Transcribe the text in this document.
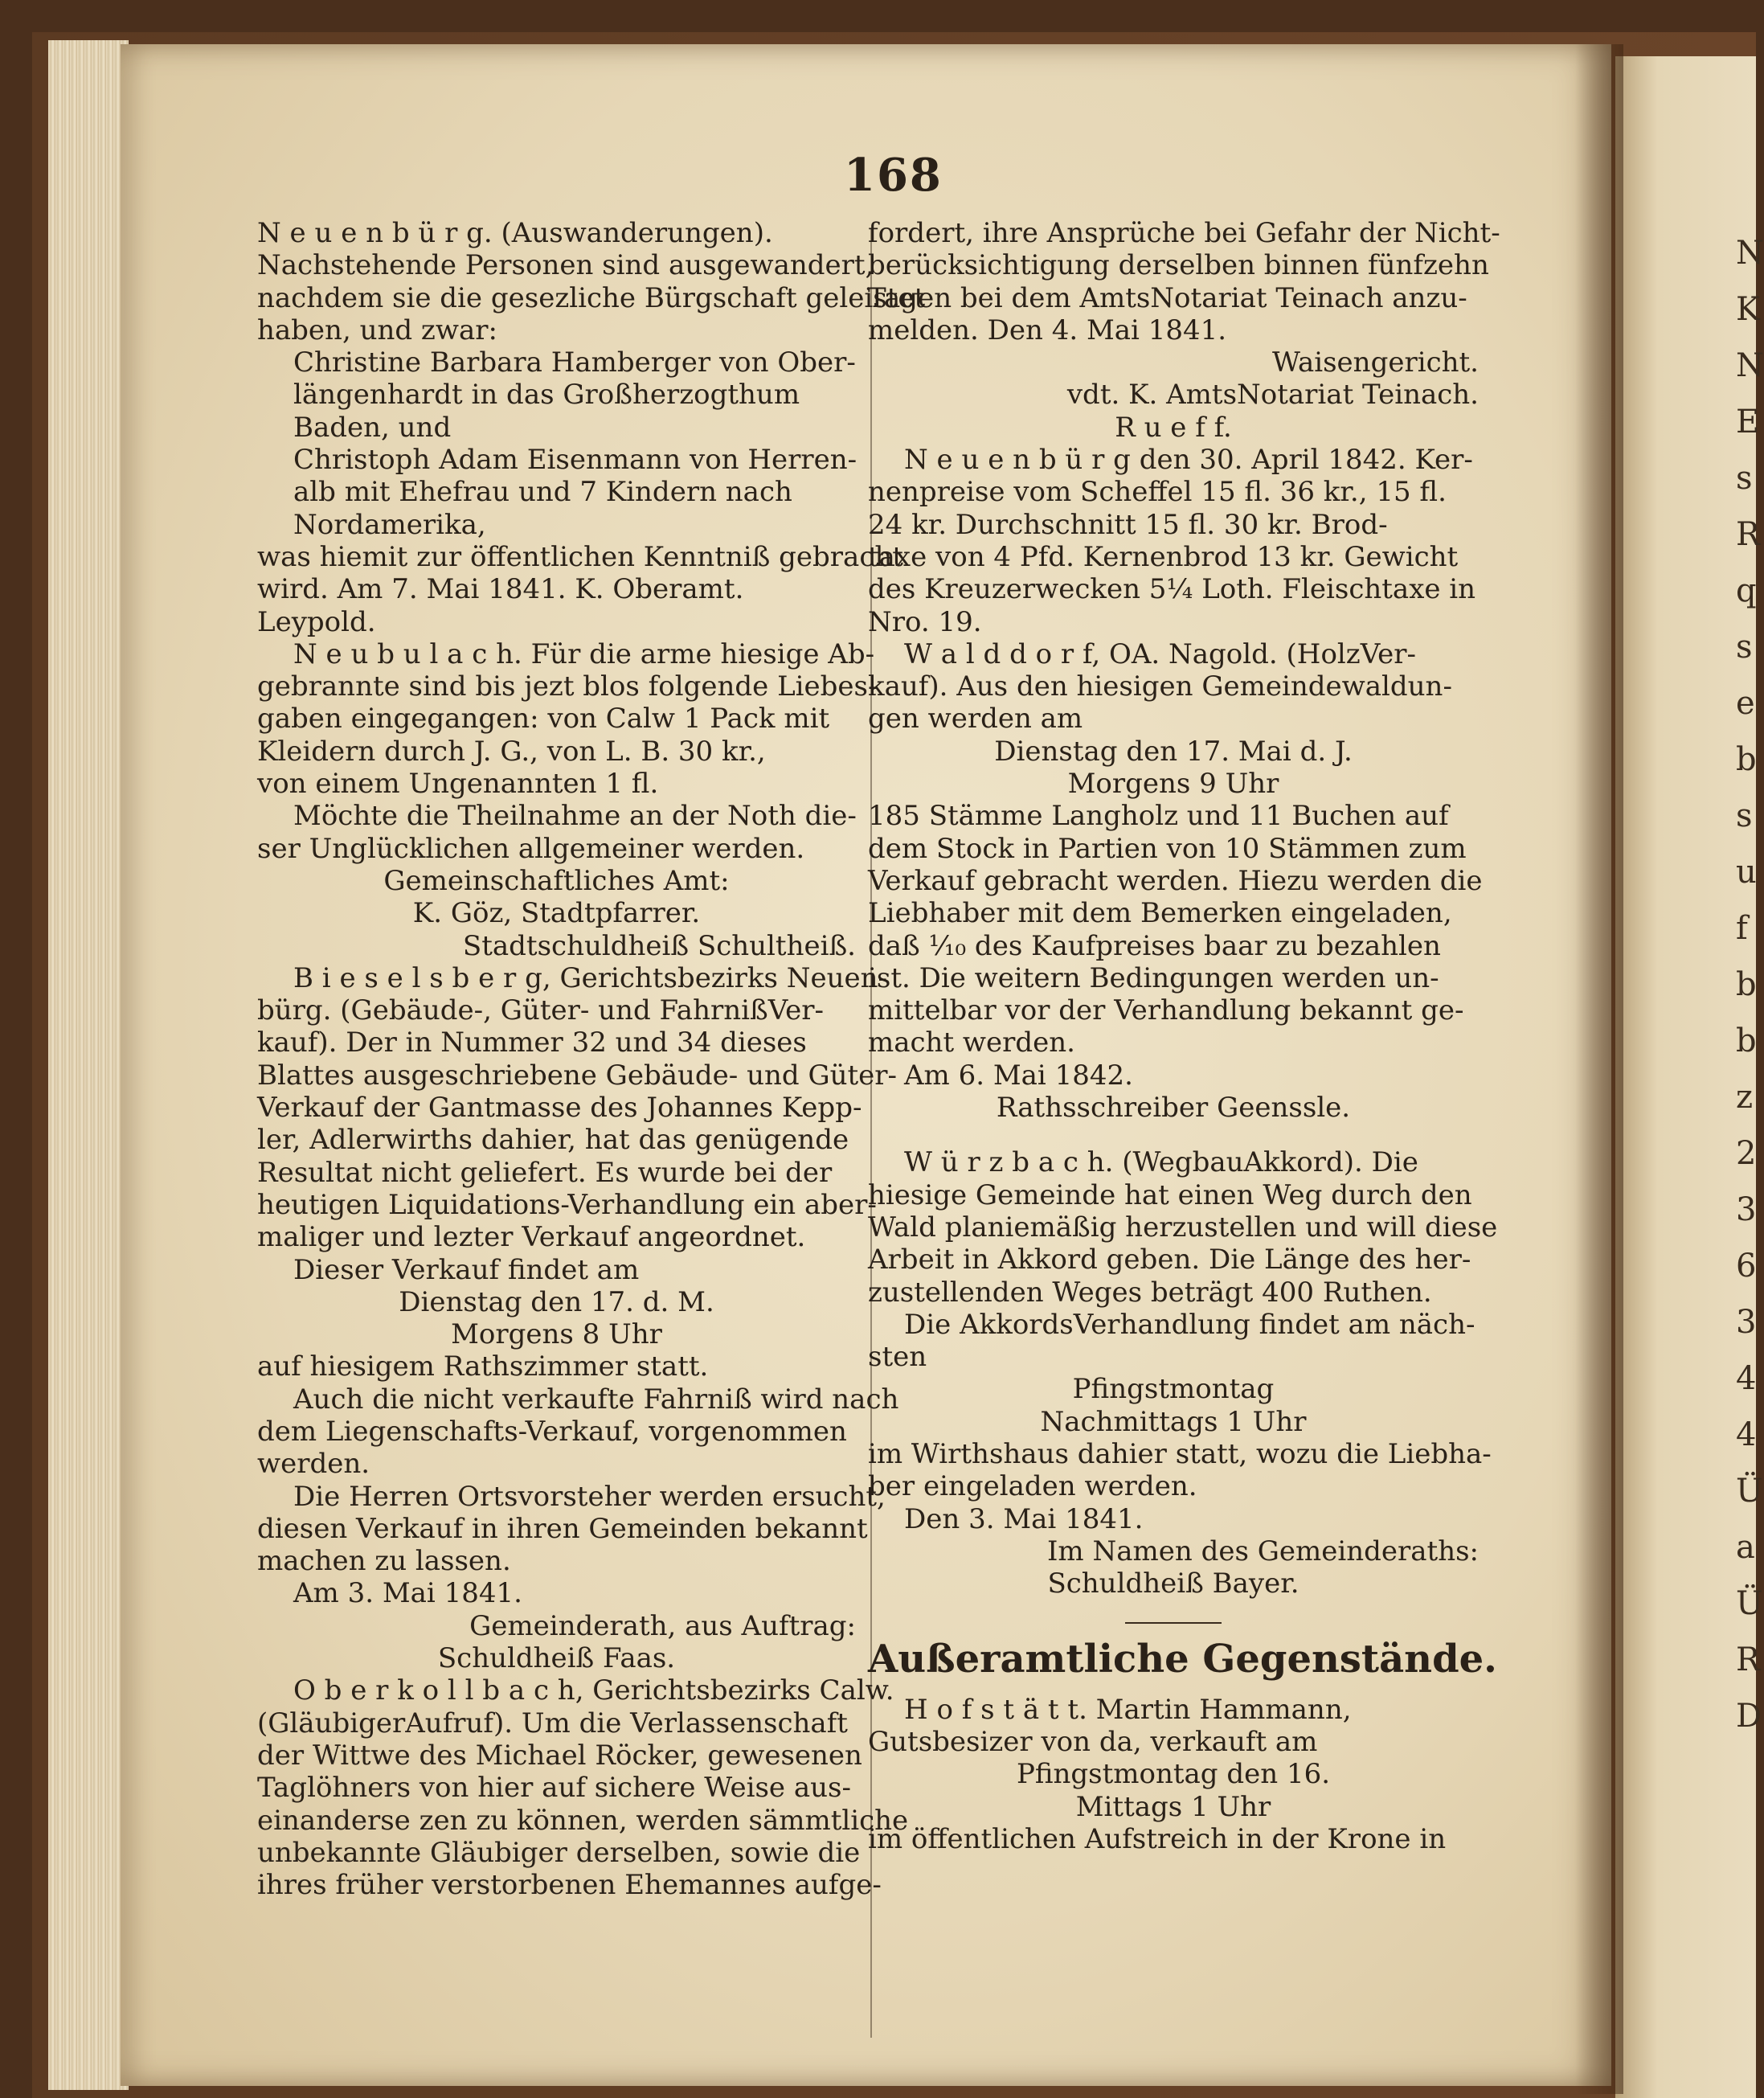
N
K
N
E
s
R
q
s
e
b
s
u
f
b
b
z
2
3
6
3
4
4
Ü
a
Ü
R
D
168
N e u e n b ü r g. (Auswanderungen).
Nachstehende Personen sind ausgewandert,
nachdem sie die gesezliche Bürgschaft geleistet
haben, und zwar:
Christine Barbara Hamberger von Ober-
längenhardt in das Großherzogthum
Baden, und
Christoph Adam Eisenmann von Herren-
alb mit Ehefrau und 7 Kindern nach
Nordamerika,
was hiemit zur öffentlichen Kenntniß gebracht
wird. Am 7. Mai 1841. K. Oberamt.
Leypold.
N e u b u l a c h. Für die arme hiesige Ab-
gebrannte sind bis jezt blos folgende Liebes-
gaben eingegangen: von Calw 1 Pack mit
Kleidern durch J. G., von L. B. 30 kr.,
von einem Ungenannten 1 fl.
Möchte die Theilnahme an der Noth die-
ser Unglücklichen allgemeiner werden.
Gemeinschaftliches Amt:
K. Göz, Stadtpfarrer.
Stadtschuldheiß Schultheiß.
B i e s e l s b e r g, Gerichtsbezirks Neuen-
bürg. (Gebäude-, Güter- und FahrnißVer-
kauf). Der in Nummer 32 und 34 dieses
Blattes ausgeschriebene Gebäude- und Güter-
Verkauf der Gantmasse des Johannes Kepp-
ler, Adlerwirths dahier, hat das genügende
Resultat nicht geliefert. Es wurde bei der
heutigen Liquidations-Verhandlung ein aber-
maliger und lezter Verkauf angeordnet.
Dieser Verkauf findet am
Dienstag den 17. d. M.
Morgens 8 Uhr
auf hiesigem Rathszimmer statt.
Auch die nicht verkaufte Fahrniß wird nach
dem Liegenschafts-Verkauf, vorgenommen
werden.
Die Herren Ortsvorsteher werden ersucht,
diesen Verkauf in ihren Gemeinden bekannt
machen zu lassen.
Am 3. Mai 1841.
Gemeinderath, aus Auftrag:
Schuldheiß Faas.
O b e r k o l l b a c h, Gerichtsbezirks Calw.
(GläubigerAufruf). Um die Verlassenschaft
der Wittwe des Michael Röcker, gewesenen
Taglöhners von hier auf sichere Weise aus-
einanderse zen zu können, werden sämmtliche
unbekannte Gläubiger derselben, sowie die
ihres früher verstorbenen Ehemannes aufge-
fordert, ihre Ansprüche bei Gefahr der Nicht-
berücksichtigung derselben binnen fünfzehn
Tagen bei dem AmtsNotariat Teinach anzu-
melden. Den 4. Mai 1841.
Waisengericht.
vdt. K. AmtsNotariat Teinach.
R u e f f.
N e u e n b ü r g den 30. April 1842. Ker-
nenpreise vom Scheffel 15 fl. 36 kr., 15 fl.
24 kr. Durchschnitt 15 fl. 30 kr. Brod-
taxe von 4 Pfd. Kernenbrod 13 kr. Gewicht
des Kreuzerwecken 5¼ Loth. Fleischtaxe in
Nro. 19.
W a l d d o r f, OA. Nagold. (HolzVer-
kauf). Aus den hiesigen Gemeindewaldun-
gen werden am
Dienstag den 17. Mai d. J.
Morgens 9 Uhr
185 Stämme Langholz und 11 Buchen auf
dem Stock in Partien von 10 Stämmen zum
Verkauf gebracht werden. Hiezu werden die
Liebhaber mit dem Bemerken eingeladen,
daß ¹⁄₁₀ des Kaufpreises baar zu bezahlen
ist. Die weitern Bedingungen werden un-
mittelbar vor der Verhandlung bekannt ge-
macht werden.
Am 6. Mai 1842.
Rathsschreiber Geenssle.
W ü r z b a c h. (WegbauAkkord). Die
hiesige Gemeinde hat einen Weg durch den
Wald planiemäßig herzustellen und will diese
Arbeit in Akkord geben. Die Länge des her-
zustellenden Weges beträgt 400 Ruthen.
Die AkkordsVerhandlung findet am näch-
sten
Pfingstmontag
Nachmittags 1 Uhr
im Wirthshaus dahier statt, wozu die Liebha-
ber eingeladen werden.
Den 3. Mai 1841.
Im Namen des Gemeinderaths:
Schuldheiß Bayer.
Außeramtliche Gegenstände.
H o f s t ä t t. Martin Hammann,
Gutsbesizer von da, verkauft am
Pfingstmontag den 16.
Mittags 1 Uhr
im öffentlichen Aufstreich in der Krone in
